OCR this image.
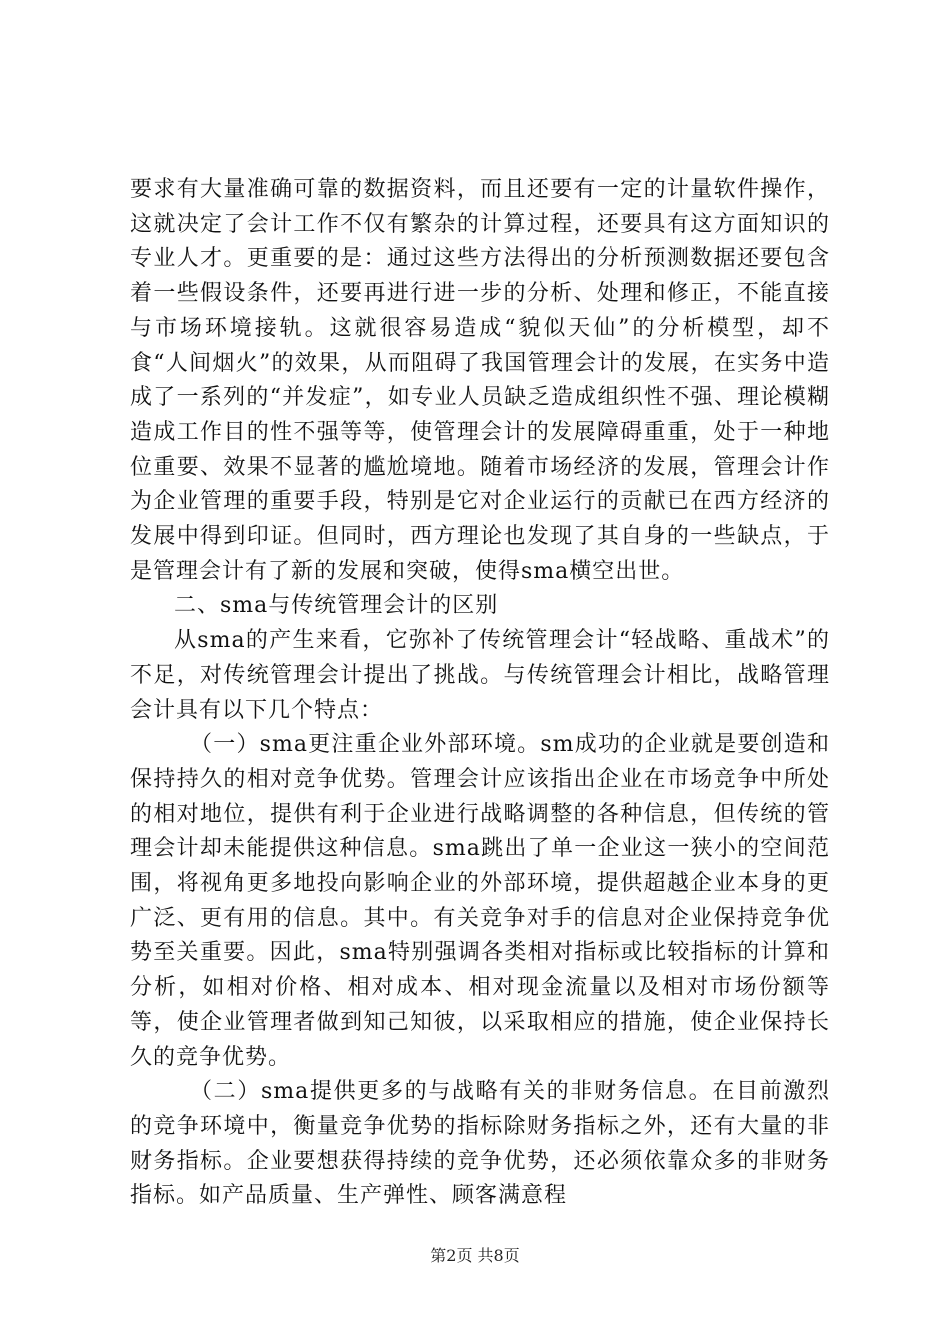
要求有大量准确可靠的数据资料，而且还要有一定的计量软件操作，这就决定了会计工作不仅有繁杂的计算过程，还要具有这方面知识的专业人才。更重要的是：通过这些方法得出的分析预测数据还要包含着一些假设条件，还要再进行进一步的分析、处理和修正，不能直接与市场环境接轨。这就很容易造成“貌似天仙”的分析模型，却不食“人间烟火”的效果，从而阻碍了我国管理会计的发展，在实务中造成了一系列的“并发症”，如专业人员缺乏造成组织性不强、理论模糊造成工作目的性不强等等，使管理会计的发展障碍重重，处于一种地位重要、效果不显著的尴尬境地。随着市场经济的发展，管理会计作为企业管理的重要手段，特别是它对企业运行的贡献已在西方经济的发展中得到印证。但同时，西方理论也发现了其自身的一些缺点，于是管理会计有了新的发展和突破，使得sma横空出世。

二、sma与传统管理会计的区别

从sma的产生来看，它弥补了传统管理会计“轻战略、重战术”的不足，对传统管理会计提出了挑战。与传统管理会计相比，战略管理会计具有以下几个特点：

（一）sma更注重企业外部环境。sm成功的企业就是要创造和保持持久的相对竞争优势。管理会计应该指出企业在市场竞争中所处的相对地位，提供有利于企业进行战略调整的各种信息，但传统的管理会计却未能提供这种信息。sma跳出了单一企业这一狭小的空间范围，将视角更多地投向影响企业的外部环境，提供超越企业本身的更广泛、更有用的信息。其中。有关竞争对手的信息对企业保持竞争优势至关重要。因此，sma特别强调各类相对指标或比较指标的计算和分析，如相对价格、相对成本、相对现金流量以及相对市场份额等等，使企业管理者做到知己知彼，以采取相应的措施，使企业保持长久的竞争优势。

（二）sma提供更多的与战略有关的非财务信息。在目前激烈的竞争环境中，衡量竞争优势的指标除财务指标之外，还有大量的非财务指标。企业要想获得持续的竞争优势，还必须依靠众多的非财务指标。如产品质量、生产弹性、顾客满意程

第2页 共8页
